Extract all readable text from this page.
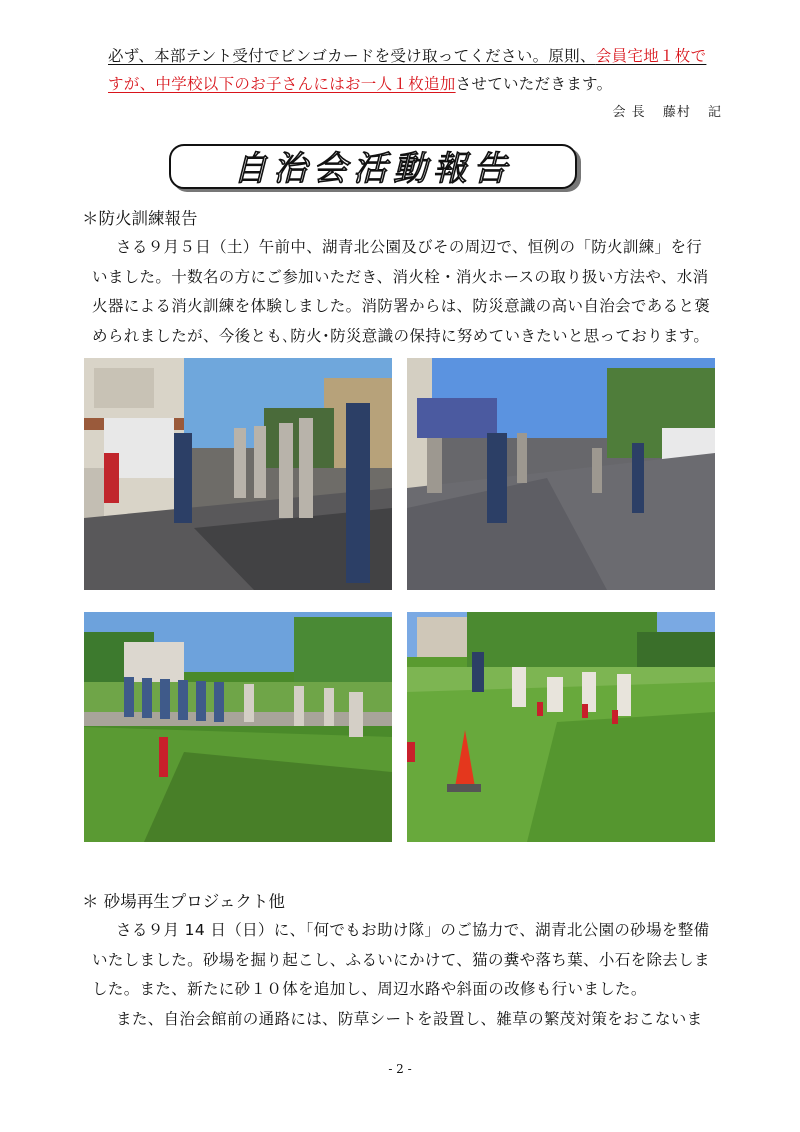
必ず、本部テント受付でビンゴカードを受け取ってください。原則、会員宅地１枚で
すが、中学校以下のお子さんにはお一人１枚追加させていただきます。
会 長 藤村 記
自治会活動報告
＊防火訓練報告
さる９月５日（土）午前中、湖青北公園及びその周辺で、恒例の「防火訓練」を行
いました。十数名の方にご参加いただき、消火栓・消火ホースの取り扱い方法や、水消
火器による消火訓練を体験しました。消防署からは、防災意識の高い自治会であると褒
められましたが、今後とも､防火･防災意識の保持に努めていきたいと思っております。
＊ 砂場再生プロジェクト他
さる９月 14 日（日）に、「何でもお助け隊」のご協力で、湖青北公園の砂場を整備
いたしました。砂場を掘り起こし、ふるいにかけて、猫の糞や落ち葉、小石を除去しま
した。また、新たに砂１０体を追加し、周辺水路や斜面の改修も行いました。
また、自治会館前の通路には、防草シートを設置し、雑草の繁茂対策をおこないま
- 2 -
